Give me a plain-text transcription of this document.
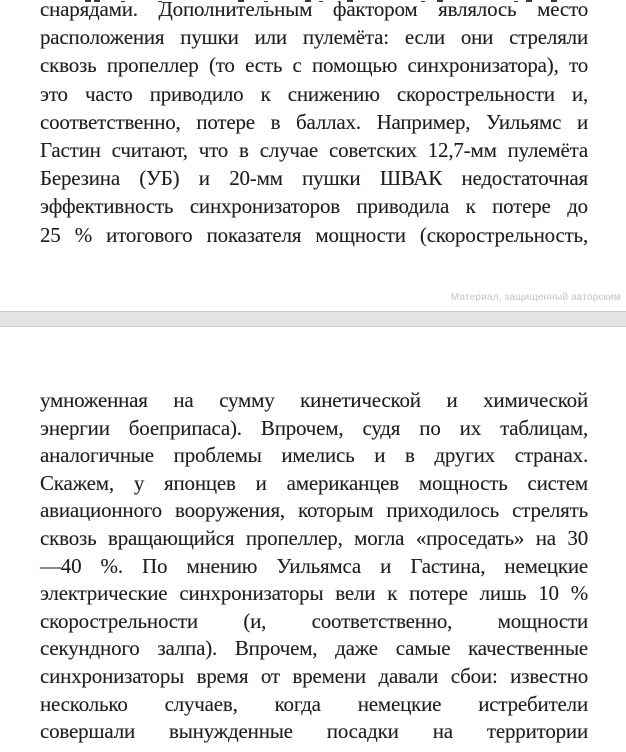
снарядами. Дополнительным фактором являлось место
расположения пушки или пулемёта: если они стреляли
сквозь пропеллер (то есть с помощью синхронизатора), то
это часто приводило к снижению скорострельности и,
соответственно, потере в баллах. Например, Уильямс и
Гастин считают, что в случае советских 12,7-мм пулемёта
Березина (УБ) и 20-мм пушки ШВАК недостаточная
эффективность синхронизаторов приводила к потере до
25 % итогового показателя мощности (скорострельность,
Материал, защищенный авторским
умноженная на сумму кинетической и химической
энергии боеприпаса). Впрочем, судя по их таблицам,
аналогичные проблемы имелись и в других странах.
Скажем, у японцев и американцев мощность систем
авиационного вооружения, которым приходилось стрелять
сквозь вращающийся пропеллер, могла «проседать» на 30
—40 %. По мнению Уильямса и Гастина, немецкие
электрические синхронизаторы вели к потере лишь 10 %
скорострельности (и, соответственно, мощности
секундного залпа). Впрочем, даже самые качественные
синхронизаторы время от времени давали сбои: известно
несколько случаев, когда немецкие истребители
совершали вынужденные посадки на территории
